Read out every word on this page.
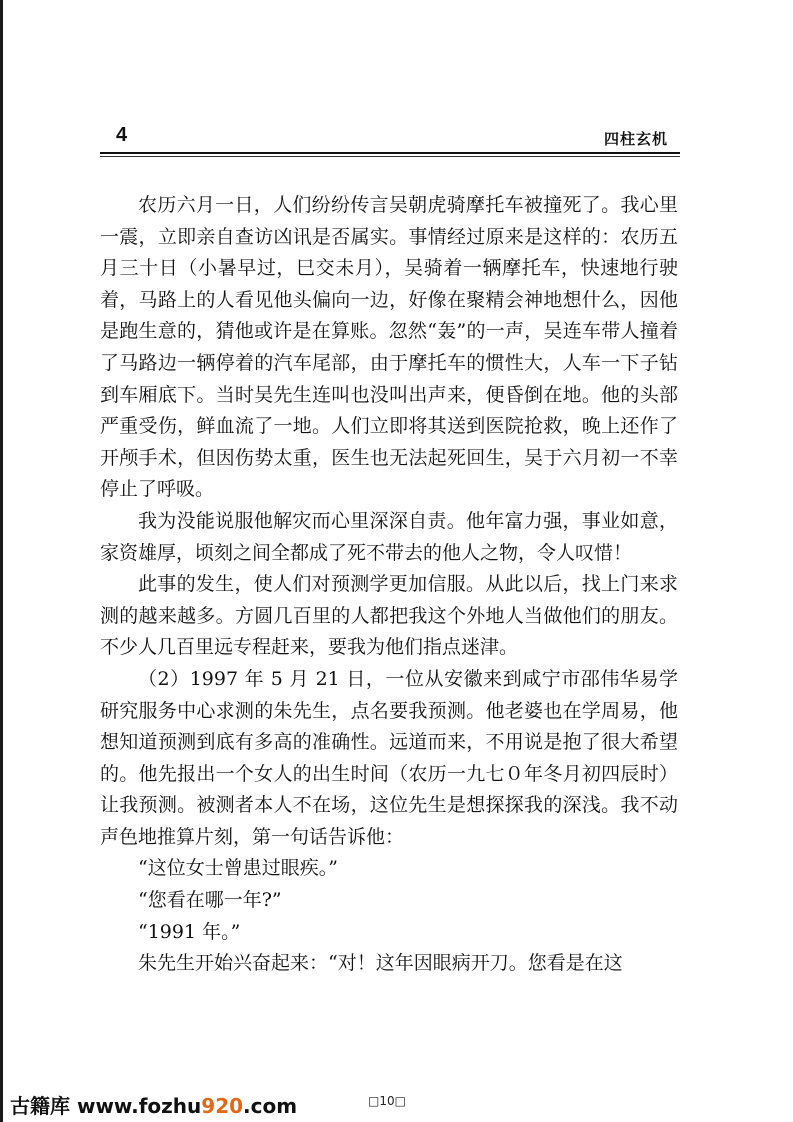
4	四柱玄机

农历六月一日，人们纷纷传言吴朝虎骑摩托车被撞死了。我心里一震，立即亲自查访凶讯是否属实。事情经过原来是这样的：农历五月三十日（小暑早过，巳交未月），吴骑着一辆摩托车，快速地行驶着，马路上的人看见他头偏向一边，好像在聚精会神地想什么，因他是跑生意的，猜他或许是在算账。忽然“轰”的一声，吴连车带人撞着了马路边一辆停着的汽车尾部，由于摩托车的惯性大，人车一下子钻到车厢底下。当时吴先生连叫也没叫出声来，便昏倒在地。他的头部严重受伤，鲜血流了一地。人们立即将其送到医院抢救，晚上还作了开颅手术，但因伤势太重，医生也无法起死回生，吴于六月初一不幸停止了呼吸。

我为没能说服他解灾而心里深深自责。他年富力强，事业如意，家资雄厚，顷刻之间全都成了死不带去的他人之物，令人叹惜！

此事的发生，使人们对预测学更加信服。从此以后，找上门来求测的越来越多。方圆几百里的人都把我这个外地人当做他们的朋友。不少人几百里远专程赶来，要我为他们指点迷津。

（2）1997 年 5 月 21 日，一位从安徽来到咸宁市邵伟华易学研究服务中心求测的朱先生，点名要我预测。他老婆也在学周易，他想知道预测到底有多高的准确性。远道而来，不用说是抱了很大希望的。他先报出一个女人的出生时间（农历一九七０年冬月初四辰时）让我预测。被测者本人不在场，这位先生是想探探我的深浅。我不动声色地推算片刻，第一句话告诉他：

“这位女士曾患过眼疾。”

“您看在哪一年?”

“1991 年。”

朱先生开始兴奋起来：“对！这年因眼病开刀。您看是在这

古籍库 www.fozhu920.com	□10□
